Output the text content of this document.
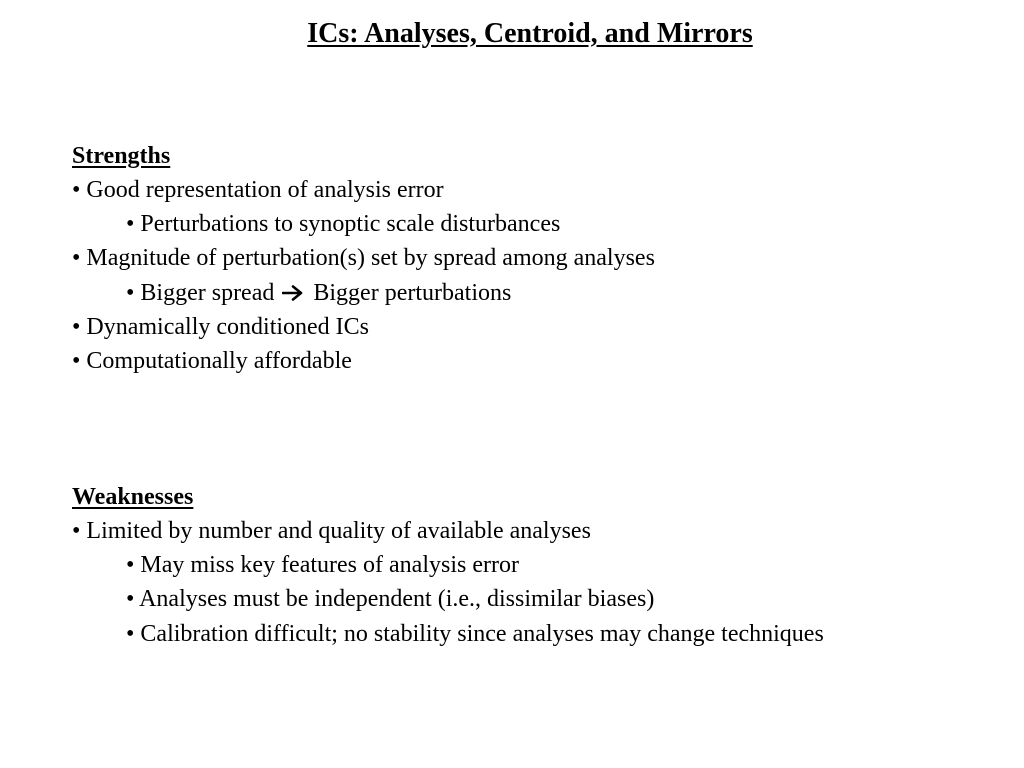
ICs: Analyses, Centroid, and Mirrors
Strengths
• Good representation of analysis error
• Perturbations to synoptic scale disturbances
• Magnitude of perturbation(s) set by spread among analyses
• Bigger spread Bigger perturbations
• Dynamically conditioned ICs
• Computationally affordable
Weaknesses
• Limited by number and quality of available analyses
• May miss key features of analysis error
• Analyses must be independent (i.e., dissimilar biases)
• Calibration difficult; no stability since analyses may change techniques
